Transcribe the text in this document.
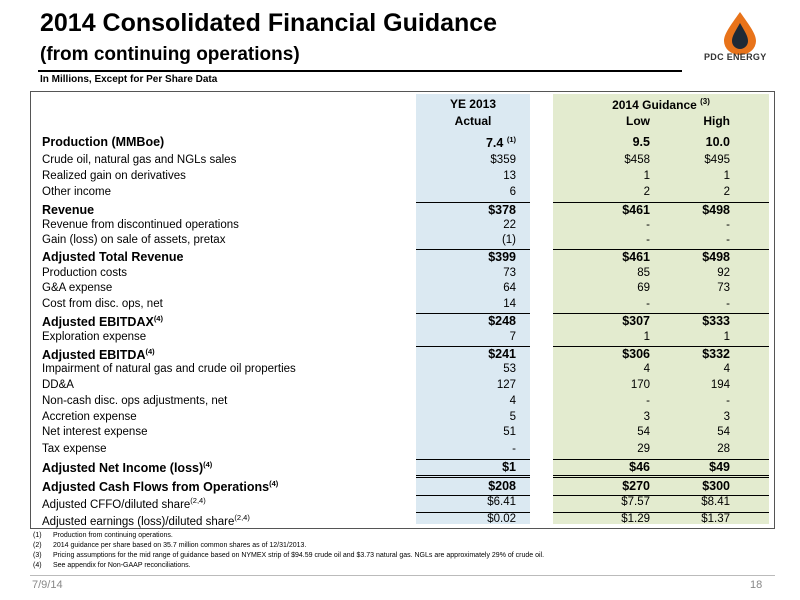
2014 Consolidated Financial Guidance
(from continuing operations)
In Millions, Except for Per Share Data
PDC ENERGY
YE 2013
Actual
2014 Guidance $^{(3)}$
Low	High
Production (MMBoe)	7.4 $^{(1)}$	9.5	10.0
Crude oil, natural gas and NGLs sales	$359	$458	$495
Realized gain on derivatives	13	1	1
Other income	6	2	2
Revenue	$378	$461	$498
Revenue from discontinued operations	22	-	-
Gain (loss) on sale of assets, pretax	(1)	-	-
Adjusted Total Revenue	$399	$461	$498
Production costs	73	85	92
G&A expense	64	69	73
Cost from disc. ops, net	14	-	-
Adjusted EBITDAX$^{(4)}$	$248	$307	$333
Exploration expense	7	1	1
Adjusted EBITDA$^{(4)}$	$241	$306	$332
Impairment of natural gas and crude oil properties	53	4	4
DD&A	127	170	194
Non-cash disc. ops adjustments, net	4	-	-
Accretion expense	5	3	3
Net interest expense	51	54	54
Tax expense	-	29	28
Adjusted Net Income (loss)$^{(4)}$	$1	$46	$49
Adjusted Cash Flows from Operations$^{(4)}$	$208	$270	$300
Adjusted CFFO/diluted share$^{(2,4)}$	$6.41	$7.57	$8.41
Adjusted earnings (loss)/diluted share$^{(2,4)}$	$0.02	$1.29	$1.37
(1) Production from continuing operations.
(2) 2014 guidance per share based on 35.7 million common shares as of 12/31/2013.
(3) Pricing assumptions for the mid range of guidance based on NYMEX strip of $94.59 crude oil and $3.73 natural gas. NGLs are approximately 29% of crude oil.
(4) See appendix for Non-GAAP reconciliations.
7/9/14	18
